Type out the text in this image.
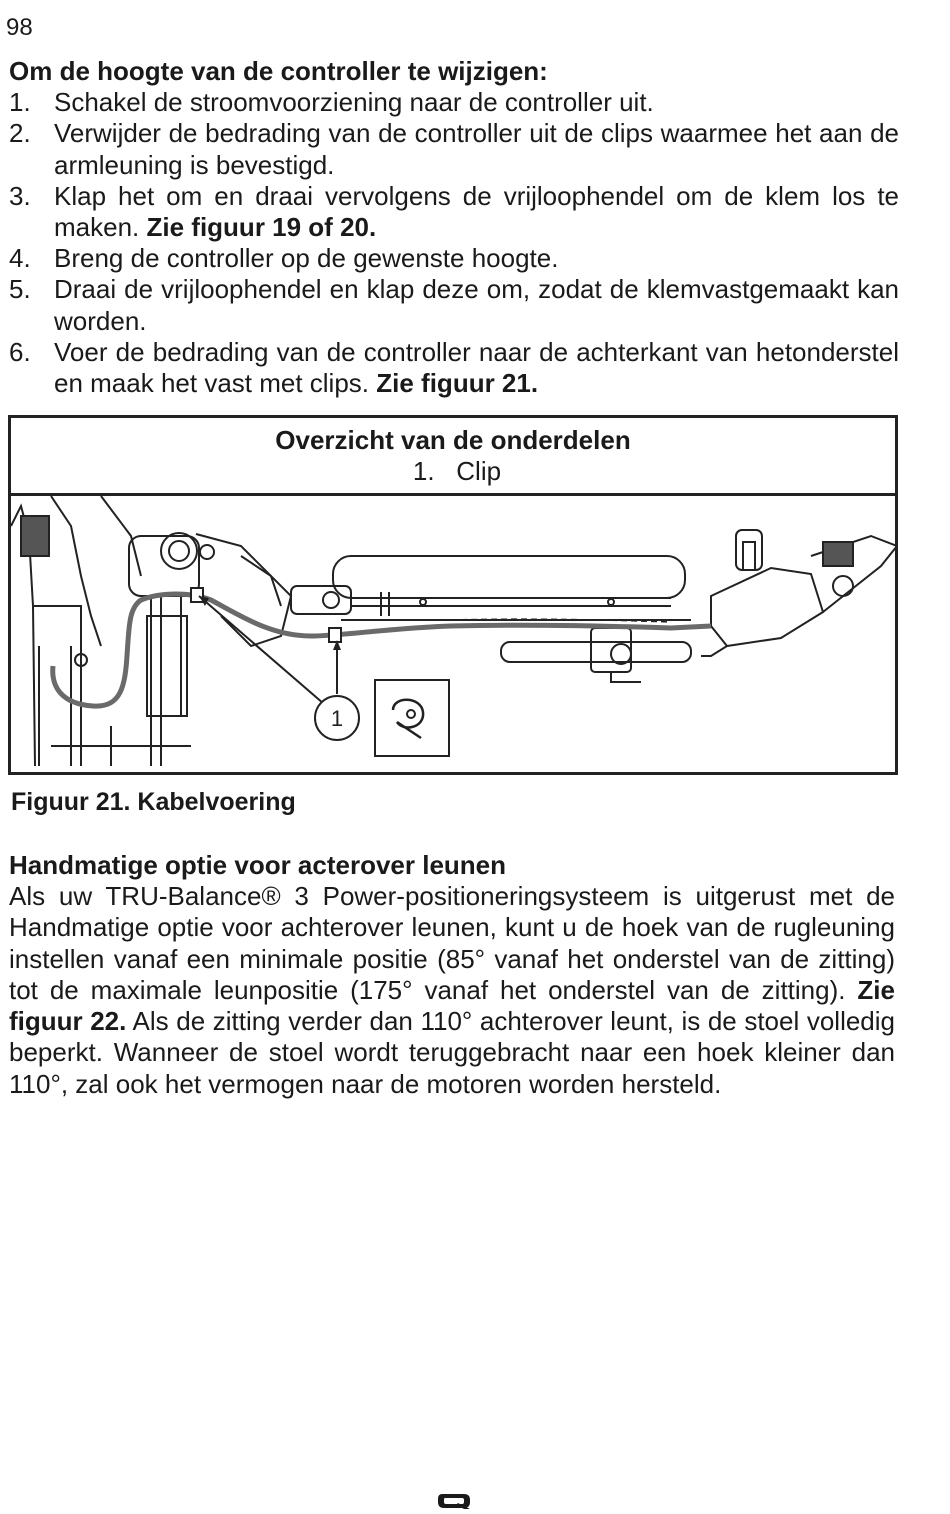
98
Om de hoogte van de controller te wijzigen:
1. Schakel de stroomvoorziening naar de controller uit.
2. Verwijder de bedrading van de controller uit de clips waarmee het aan de armleuning is bevestigd.
3. Klap het om en draai vervolgens de vrijloophendel om de klem los te maken. Zie figuur 19 of 20.
4. Breng de controller op de gewenste hoogte.
5. Draai de vrijloophendel en klap deze om, zodat de klemvastgemaakt kan worden.
6. Voer de bedrading van de controller naar de achterkant van hetonderstel en maak het vast met clips. Zie figuur 21.
Overzicht van de onderdelen
1. Clip
1
Figuur 21. Kabelvoering
Handmatige optie voor acterover leunen

Als uw TRU-Balance® 3 Power-positioneringsysteem is uitgerust met de Handmatige optie voor achterover leunen, kunt u de hoek van de rugleuning instellen vanaf een minimale positie (85° vanaf het onderstel van de zitting) tot de maximale leunpositie (175° vanaf het onderstel van de zitting). Zie figuur 22. Als de zitting verder dan 110° achterover leunt, is de stoel volledig beperkt. Wanneer de stoel wordt teruggebracht naar een hoek kleiner dan 110°, zal ook het vermogen naar de motoren worden hersteld.
